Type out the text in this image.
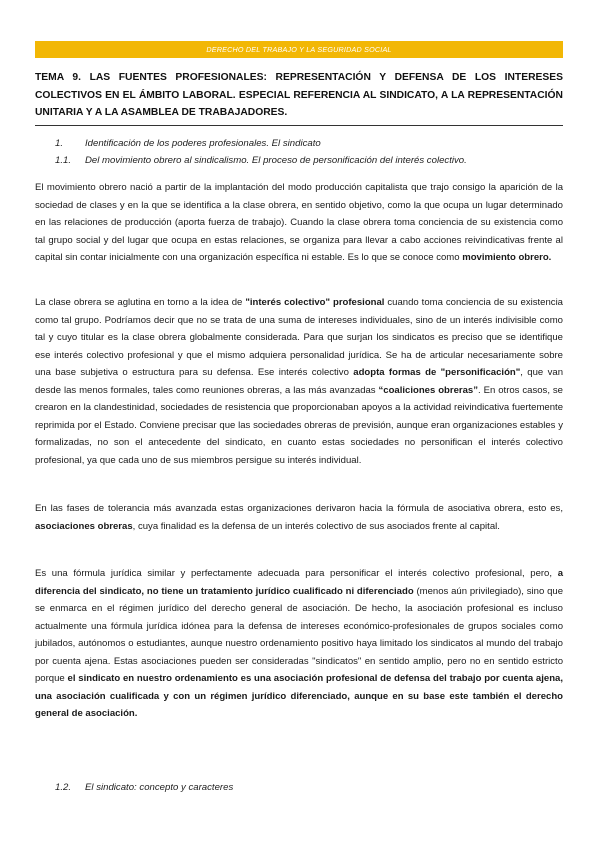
DERECHO DEL TRABAJO Y LA SEGURIDAD SOCIAL
TEMA 9. LAS FUENTES PROFESIONALES: REPRESENTACIÓN Y DEFENSA DE LOS INTERESES COLECTIVOS EN EL ÁMBITO LABORAL. ESPECIAL REFERENCIA AL SINDICATO, A LA REPRESENTACIÓN UNITARIA Y A LA ASAMBLEA DE TRABAJADORES.
1. Identificación de los poderes profesionales. El sindicato
1.1. Del movimiento obrero al sindicalismo. El proceso de personificación del interés colectivo.
El movimiento obrero nació a partir de la implantación del modo producción capitalista que trajo consigo la aparición de la sociedad de clases y en la que se identifica a la clase obrera, en sentido objetivo, como la que ocupa un lugar determinado en las relaciones de producción (aporta fuerza de trabajo). Cuando la clase obrera toma conciencia de su existencia como tal grupo social y del lugar que ocupa en estas relaciones, se organiza para llevar a cabo acciones reivindicativas frente al capital sin contar inicialmente con una organización específica ni estable. Es lo que se conoce como movimiento obrero.
La clase obrera se aglutina en torno a la idea de "interés colectivo" profesional cuando toma conciencia de su existencia como tal grupo. Podríamos decir que no se trata de una suma de intereses individuales, sino de un interés indivisible como tal y cuyo titular es la clase obrera globalmente considerada. Para que surjan los sindicatos es preciso que se identifique ese interés colectivo profesional y que el mismo adquiera personalidad jurídica. Se ha de articular necesariamente sobre una base subjetiva o estructura para su defensa. Ese interés colectivo adopta formas de "personificación", que van desde las menos formales, tales como reuniones obreras, a las más avanzadas “coaliciones obreras”. En otros casos, se crearon en la clandestinidad, sociedades de resistencia que proporcionaban apoyos a la actividad reivindicativa fuertemente reprimida por el Estado. Conviene precisar que las sociedades obreras de previsión, aunque eran organizaciones estables y formalizadas, no son el antecedente del sindicato, en cuanto estas sociedades no personifican el interés colectivo profesional, ya que cada uno de sus miembros persigue su interés individual.
En las fases de tolerancia más avanzada estas organizaciones derivaron hacia la fórmula de asociativa obrera, esto es, asociaciones obreras, cuya finalidad es la defensa de un interés colectivo de sus asociados frente al capital.
Es una fórmula jurídica similar y perfectamente adecuada para personificar el interés colectivo profesional, pero, a diferencia del sindicato, no tiene un tratamiento jurídico cualificado ni diferenciado (menos aún privilegiado), sino que se enmarca en el régimen jurídico del derecho general de asociación. De hecho, la asociación profesional es incluso actualmente una fórmula jurídica idónea para la defensa de intereses económico-profesionales de grupos sociales como jubilados, autónomos o estudiantes, aunque nuestro ordenamiento positivo haya limitado los sindicatos al mundo del trabajo por cuenta ajena. Estas asociaciones pueden ser consideradas "sindicatos" en sentido amplio, pero no en sentido estricto porque el sindicato en nuestro ordenamiento es una asociación profesional de defensa del trabajo por cuenta ajena, una asociación cualificada y con un régimen jurídico diferenciado, aunque en su base este también el derecho general de asociación.
1.2. El sindicato: concepto y caracteres
